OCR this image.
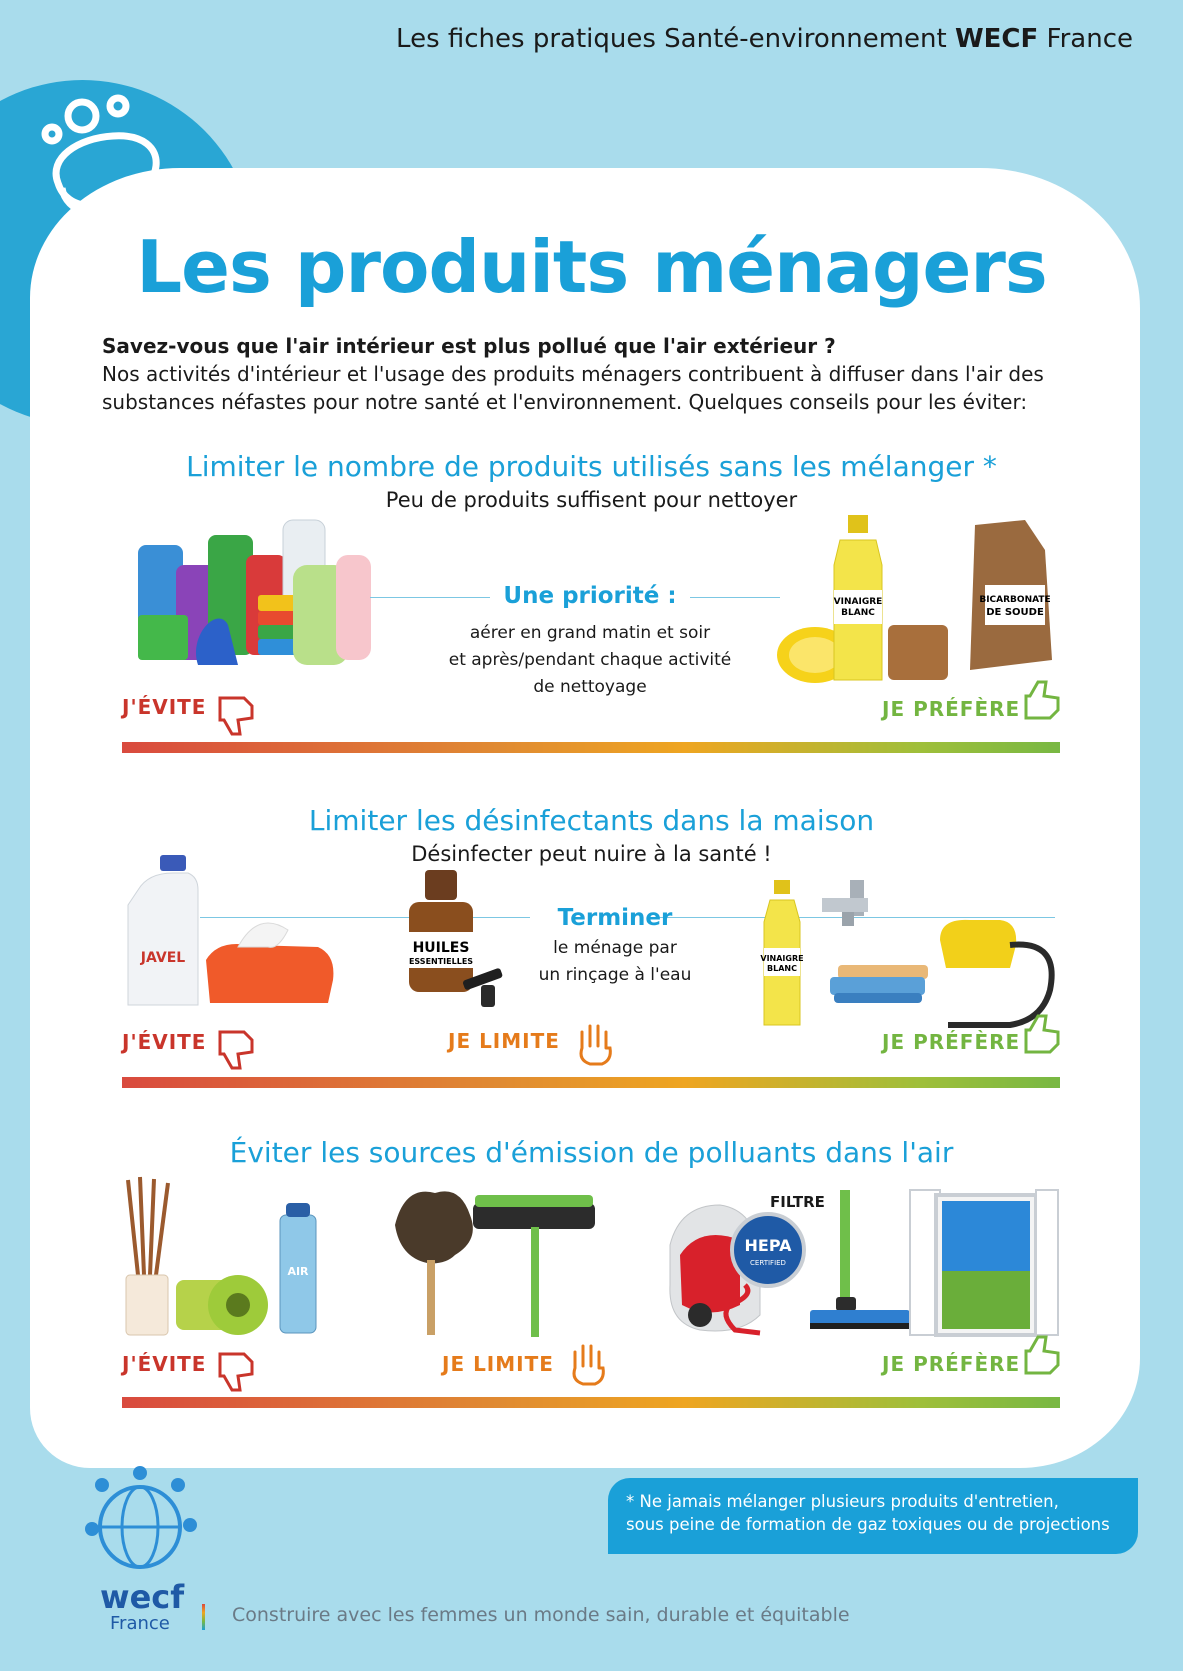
Les fiches pratiques Santé-environnement WECF France
Recommandations indicatives, sous réserve de l'évolution de la réglementation en vigueur et des données disponibles
Les produits ménagers
Savez-vous que l'air intérieur est plus pollué que l'air extérieur ?
Nos activités d'intérieur et l'usage des produits ménagers contribuent à diffuser dans l'air des substances néfastes pour notre santé et l'environnement. Quelques conseils pour les éviter:
Limiter le nombre de produits utilisés sans les mélanger *
Peu de produits suffisent pour nettoyer
Une priorité :
aérer en grand matin et soir
et après/pendant chaque activité
de nettoyage
VINAIGRE
BLANC
BICARBONATE
DE SOUDE
J'ÉVITE	JE PRÉFÈRE
Limiter les désinfectants dans la maison
Désinfecter peut nuire à la santé !
JAVEL
HUILES
ESSENTIELLES
Terminer
le ménage par
un rinçage à l'eau
VINAIGRE
BLANC
J'ÉVITE	JE LIMITE	JE PRÉFÈRE
Éviter les sources d'émission de polluants dans l'air
AIR
FILTRE
HEPA
CERTIFIED
J'ÉVITE	JE LIMITE	JE PRÉFÈRE
* Ne jamais mélanger plusieurs produits d'entretien,
sous peine de formation de gaz toxiques ou de projections
wecf
France	Construire avec les femmes un monde sain, durable et équitable
